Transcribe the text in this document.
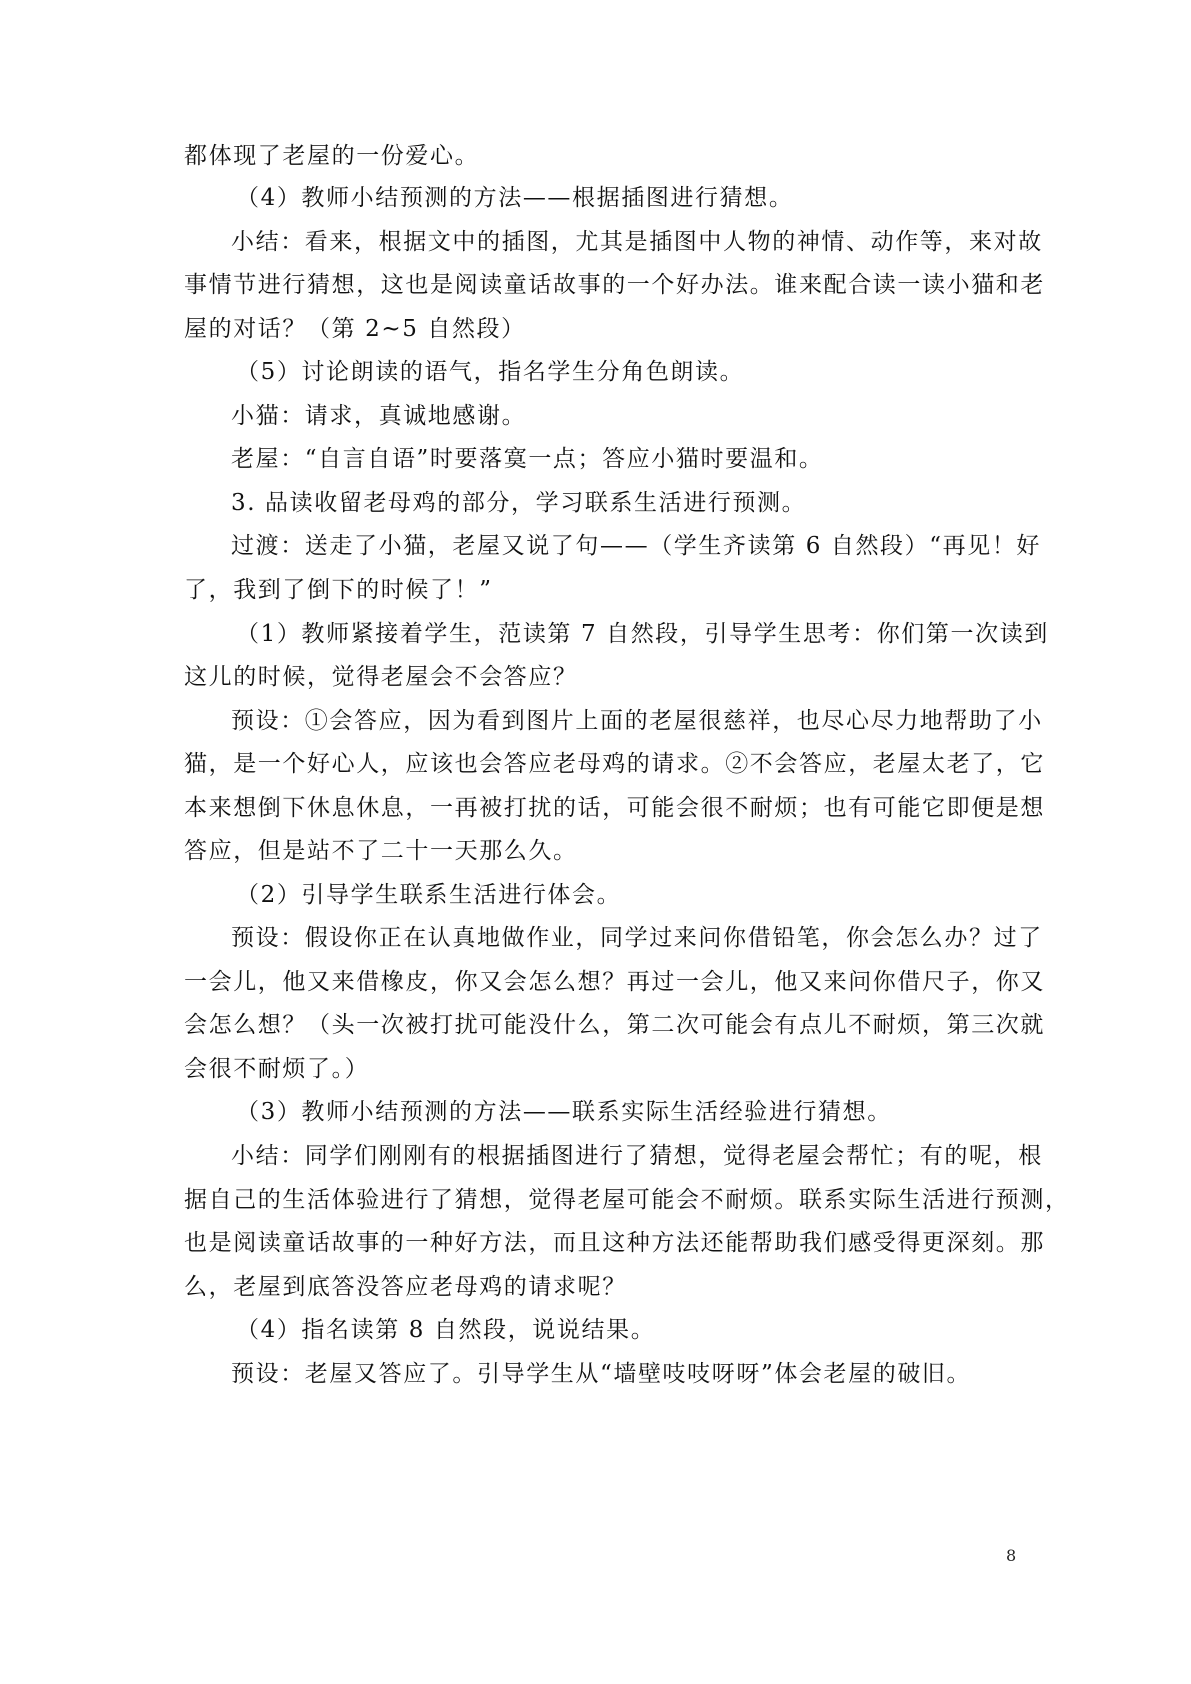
都体现了老屋的一份爱心。
（4）教师小结预测的方法——根据插图进行猜想。
小结：看来，根据文中的插图，尤其是插图中人物的神情、动作等，来对故
事情节进行猜想，这也是阅读童话故事的一个好办法。谁来配合读一读小猫和老
屋的对话？（第 2~5 自然段）
（5）讨论朗读的语气，指名学生分角色朗读。
小猫：请求，真诚地感谢。
老屋：“自言自语”时要落寞一点；答应小猫时要温和。
3. 品读收留老母鸡的部分，学习联系生活进行预测。
过渡：送走了小猫，老屋又说了句——（学生齐读第 6 自然段）“再见！好
了，我到了倒下的时候了！”
（1）教师紧接着学生，范读第 7 自然段，引导学生思考：你们第一次读到
这儿的时候，觉得老屋会不会答应？
预设：①会答应，因为看到图片上面的老屋很慈祥，也尽心尽力地帮助了小
猫，是一个好心人，应该也会答应老母鸡的请求。②不会答应，老屋太老了，它
本来想倒下休息休息，一再被打扰的话，可能会很不耐烦；也有可能它即便是想
答应，但是站不了二十一天那么久。
（2）引导学生联系生活进行体会。
预设：假设你正在认真地做作业，同学过来问你借铅笔，你会怎么办？过了
一会儿，他又来借橡皮，你又会怎么想？再过一会儿，他又来问你借尺子，你又
会怎么想？（头一次被打扰可能没什么，第二次可能会有点儿不耐烦，第三次就
会很不耐烦了。）
（3）教师小结预测的方法——联系实际生活经验进行猜想。
小结：同学们刚刚有的根据插图进行了猜想，觉得老屋会帮忙；有的呢，根
据自己的生活体验进行了猜想，觉得老屋可能会不耐烦。联系实际生活进行预测，
也是阅读童话故事的一种好方法，而且这种方法还能帮助我们感受得更深刻。那
么，老屋到底答没答应老母鸡的请求呢？
（4）指名读第 8 自然段，说说结果。
预设：老屋又答应了。引导学生从“墙壁吱吱呀呀”体会老屋的破旧。
8
